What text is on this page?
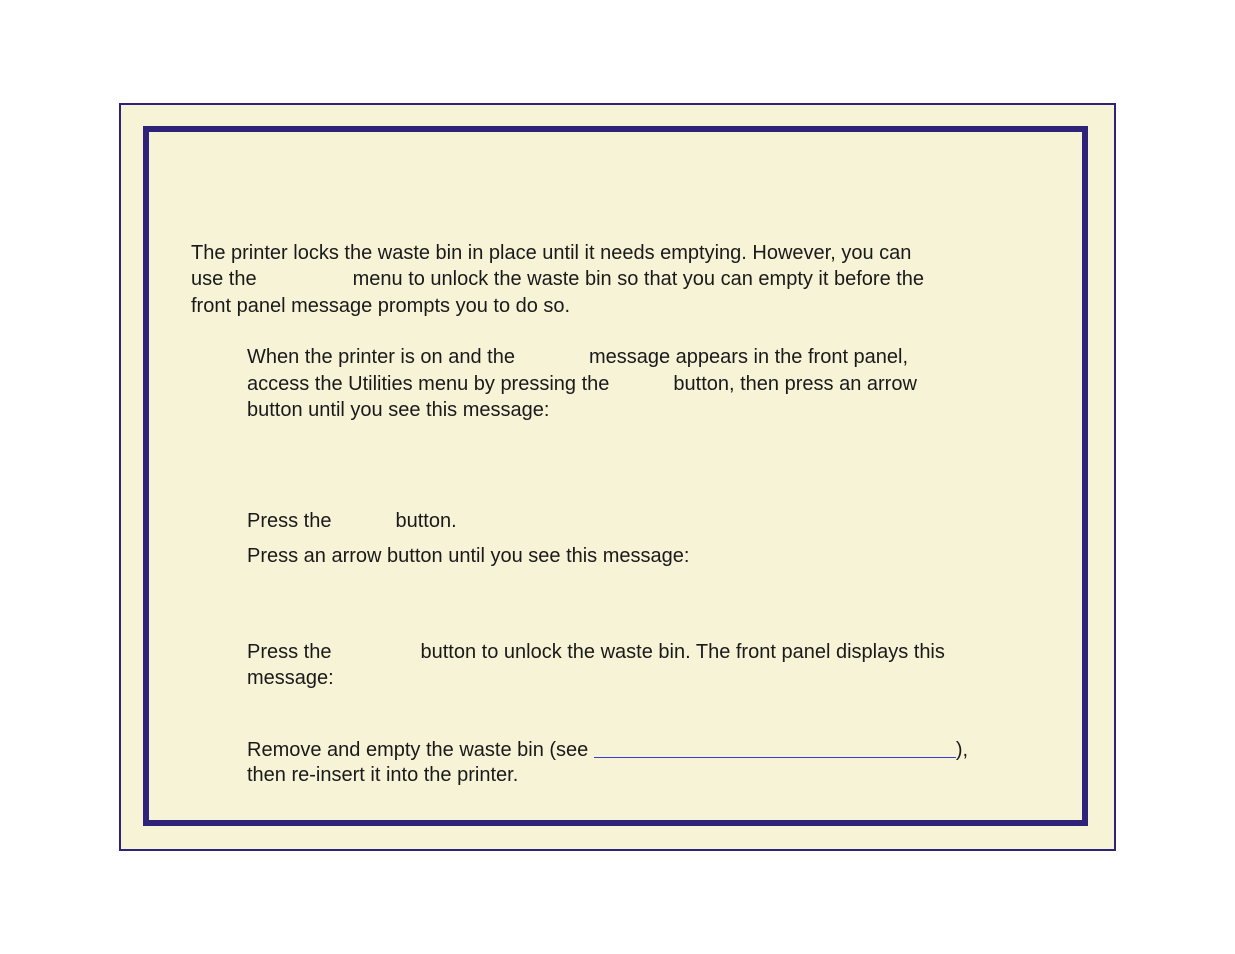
The printer locks the waste bin in place until it needs emptying. However, you can

use the	menu to unlock the waste bin so that you can empty it before the

front panel message prompts you to do so.

When the printer is on and the	message appears in the front panel,

access the Utilities menu by pressing the	button, then press an arrow

button until you see this message:

Press the	button.

Press an arrow button until you see this message:

Press the	button to unlock the waste bin. The front panel displays this

message:

Remove and empty the waste bin (see	),

then re-insert it into the printer.
